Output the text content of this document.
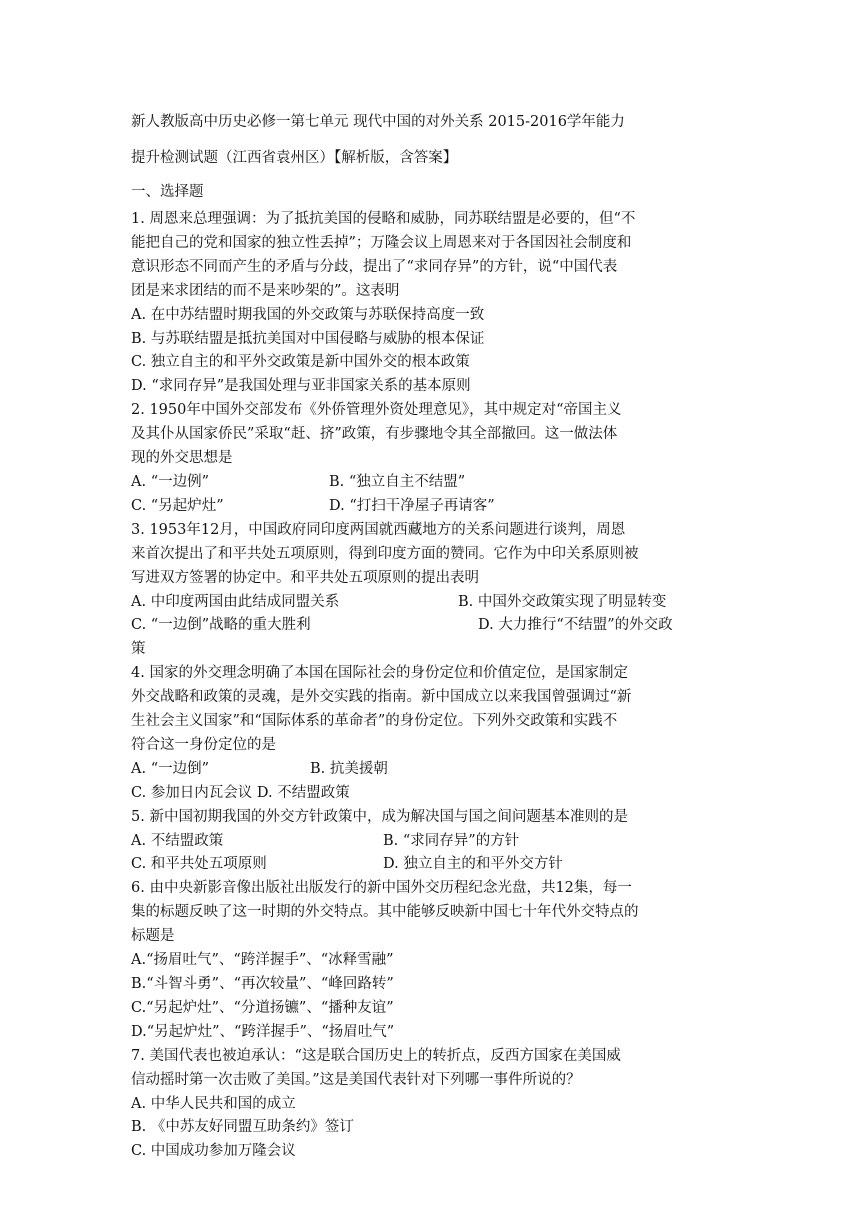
新人教版高中历史必修一第七单元 现代中国的对外关系 2015-2016学年能力
提升检测试题（江西省袁州区）【解析版，含答案】
一、选择题
1. 周恩来总理强调：为了抵抗美国的侵略和威胁，同苏联结盟是必要的，但“不
能把自己的党和国家的独立性丢掉”；万隆会议上周恩来对于各国因社会制度和
意识形态不同而产生的矛盾与分歧，提出了“求同存异”的方针，说“中国代表
团是来求团结的而不是来吵架的”。这表明
A. 在中苏结盟时期我国的外交政策与苏联保持高度一致
B. 与苏联结盟是抵抗美国对中国侵略与威胁的根本保证
C. 独立自主的和平外交政策是新中国外交的根本政策
D. “求同存异”是我国处理与亚非国家关系的基本原则
2. 1950年中国外交部发布《外侨管理外资处理意见》，其中规定对“帝国主义
及其仆从国家侨民”采取“赶、挤”政策，有步骤地令其全部撤回。这一做法体
现的外交思想是
A. “一边例”	B. “独立自主不结盟”
C. “另起炉灶”	D. “打扫干净屋子再请客”
3. 1953年12月，中国政府同印度两国就西藏地方的关系问题进行谈判，周恩
来首次提出了和平共处五项原则，得到印度方面的赞同。它作为中印关系原则被
写进双方签署的协定中。和平共处五项原则的提出表明
A. 中印度两国由此结成同盟关系	B. 中国外交政策实现了明显转变
C. “一边倒”战略的重大胜利	D. 大力推行“不结盟”的外交政
策
4. 国家的外交理念明确了本国在国际社会的身份定位和价值定位，是国家制定
外交战略和政策的灵魂，是外交实践的指南。新中国成立以来我国曾强调过“新
生社会主义国家”和“国际体系的革命者”的身份定位。下列外交政策和实践不
符合这一身份定位的是
A. “一边倒”	B. 抗美援朝
C. 参加日内瓦会议 D. 不结盟政策
5. 新中国初期我国的外交方针政策中，成为解决国与国之间问题基本准则的是
A. 不结盟政策	B. “求同存异”的方针
C. 和平共处五项原则	D. 独立自主的和平外交方针
6. 由中央新影音像出版社出版发行的新中国外交历程纪念光盘，共12集，每一
集的标题反映了这一时期的外交特点。其中能够反映新中国七十年代外交特点的
标题是
A.“扬眉吐气”、“跨洋握手”、“冰释雪融”
B.“斗智斗勇”、“再次较量”、“峰回路转”
C.“另起炉灶”、“分道扬镳”、“播种友谊”
D.“另起炉灶”、“跨洋握手”、“扬眉吐气”
7. 美国代表也被迫承认：“这是联合国历史上的转折点，反西方国家在美国威
信动摇时第一次击败了美国。”这是美国代表针对下列哪一事件所说的？
A. 中华人民共和国的成立
B. 《中苏友好同盟互助条约》签订
C. 中国成功参加万隆会议
